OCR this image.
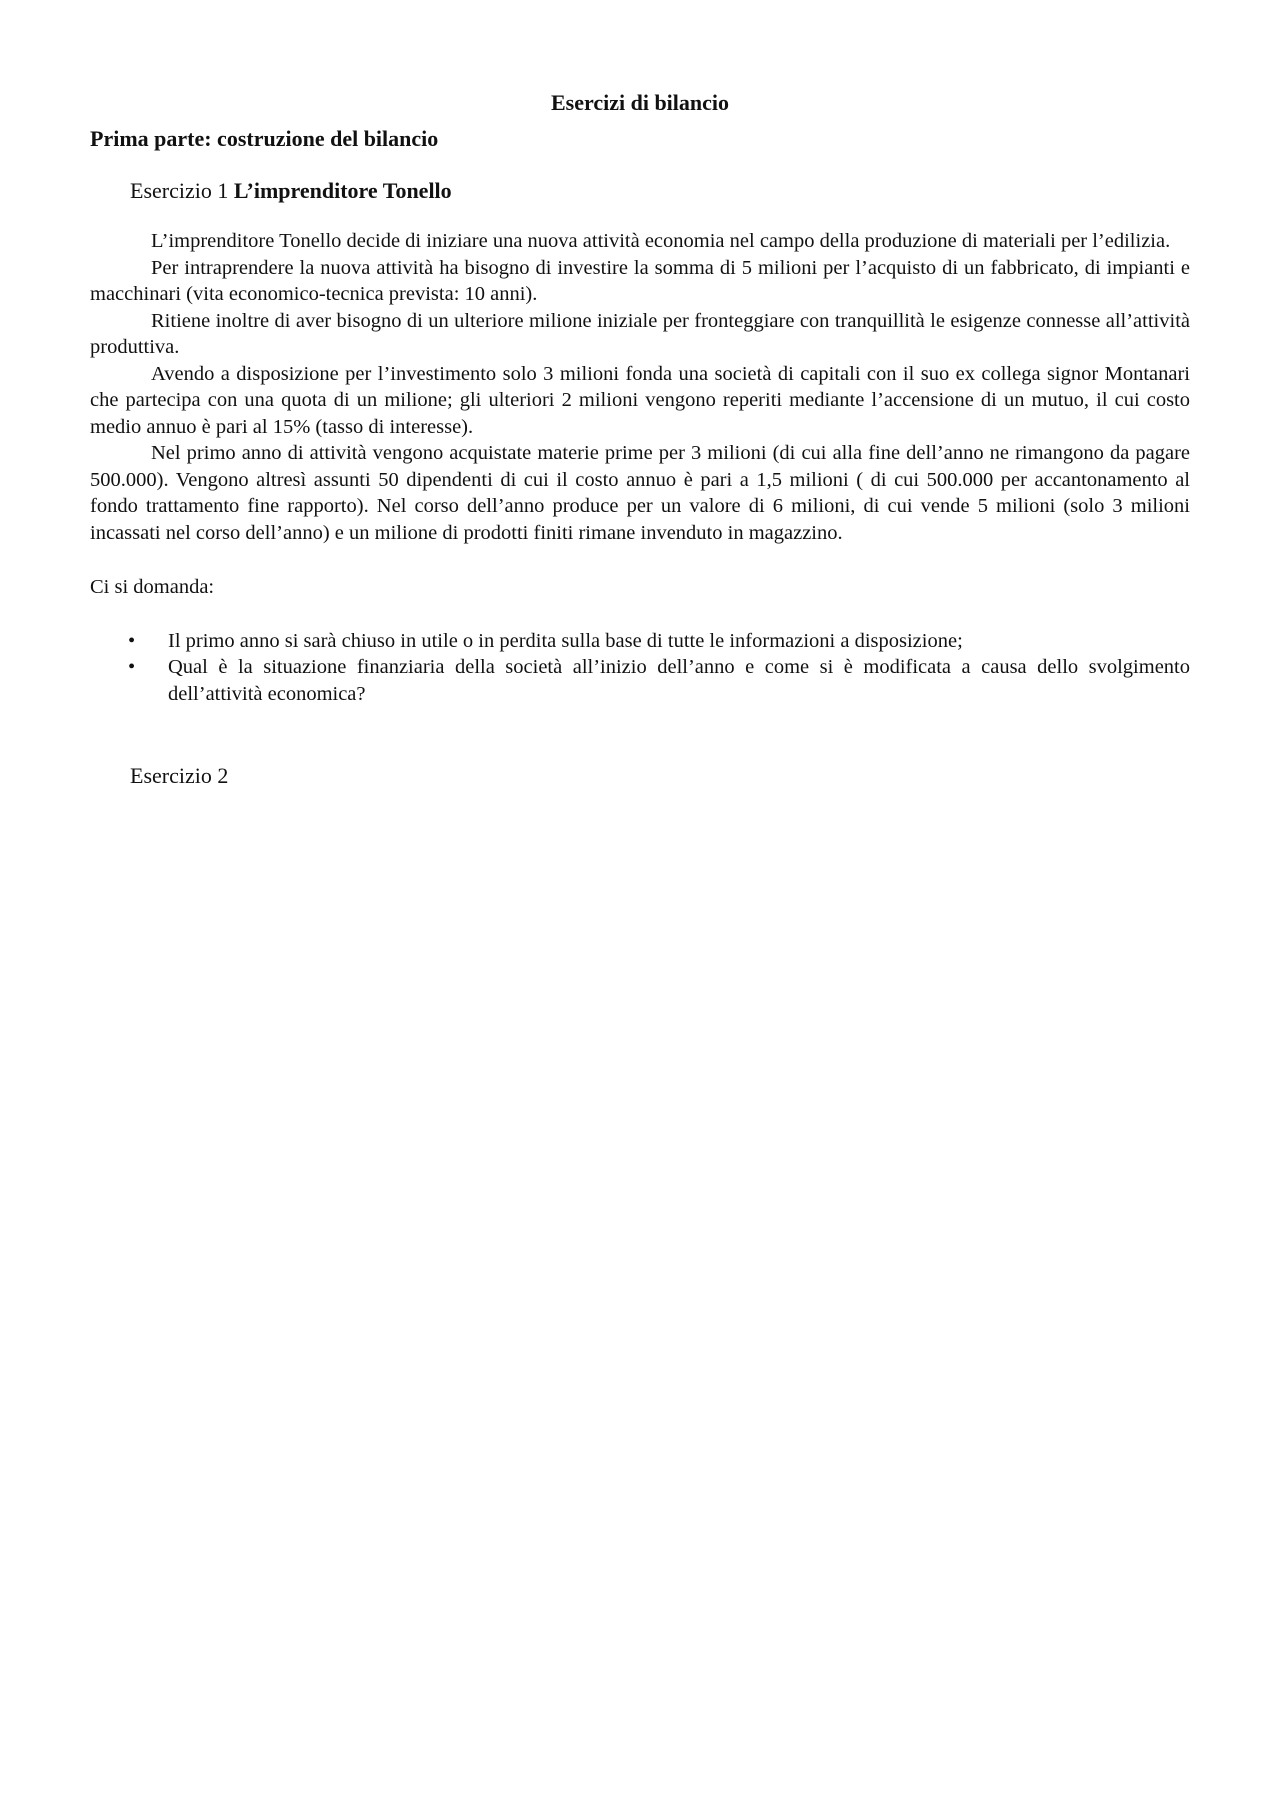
Esercizi di bilancio
Prima parte: costruzione del bilancio
Esercizio 1 L’imprenditore Tonello

L’imprenditore Tonello decide di iniziare una nuova attività economia nel campo della produzione di materiali per l’edilizia.

Per intraprendere la nuova attività ha bisogno di investire la somma di 5 milioni per l’acquisto di un fabbricato, di impianti e macchinari (vita economico-tecnica prevista: 10 anni).

Ritiene inoltre di aver bisogno di un ulteriore milione iniziale per fronteggiare con tranquillità le esigenze connesse all’attività produttiva.

Avendo a disposizione per l’investimento solo 3 milioni fonda una società di capitali con il suo ex collega signor Montanari che partecipa con una quota di un milione; gli ulteriori 2 milioni vengono reperiti mediante l’accensione di un mutuo, il cui costo medio annuo è pari al 15% (tasso di interesse).

Nel primo anno di attività vengono acquistate materie prime per 3 milioni (di cui alla fine dell’anno ne rimangono da pagare 500.000). Vengono altresì assunti 50 dipendenti di cui il costo annuo è pari a 1,5 milioni ( di cui 500.000 per accantonamento al fondo trattamento fine rapporto). Nel corso dell’anno produce per un valore di 6 milioni, di cui vende 5 milioni (solo 3 milioni incassati nel corso dell’anno) e un milione di prodotti finiti rimane invenduto in magazzino.

Ci si domanda:
• Il primo anno si sarà chiuso in utile o in perdita sulla base di tutte le informazioni a disposizione;
• Qual è la situazione finanziaria della società all’inizio dell’anno e come si è modificata a causa dello svolgimento dell’attività economica?
Esercizio 2
